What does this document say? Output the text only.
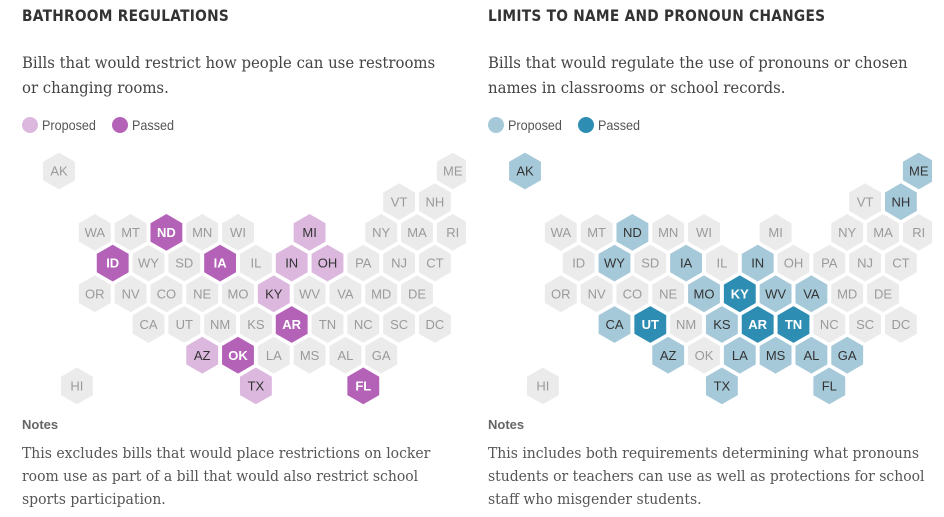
BATHROOM REGULATIONS
Bills that would restrict how people can use restrooms or changing rooms.
Proposed	Passed
AK	ME
VT NH
WA MT ND MN WI	MI	NY MA RI
ID WY SD IA IL IN OH PA NJ CT
OR NV CO NE MO KY WV VA MD DE
CA UT NM KS AR TN NC SC DC
AZ OK LA MS AL GA
HI	TX	FL
Notes
This excludes bills that would place restrictions on locker room use as part of a bill that would also restrict school sports participation.
LIMITS TO NAME AND PRONOUN CHANGES
Bills that would regulate the use of pronouns or chosen names in classrooms or school records.
Proposed	Passed
AK	ME
VT NH
WA MT ND MN WI	MI	NY MA RI
ID WY SD IA IL IN OH PA NJ CT
OR NV CO NE MO KY WV VA MD DE
CA UT NM KS AR TN NC SC DC
AZ OK LA MS AL GA
HI	TX	FL
Notes
This includes both requirements determining what pronouns students or teachers can use as well as protections for school staff who misgender students.
